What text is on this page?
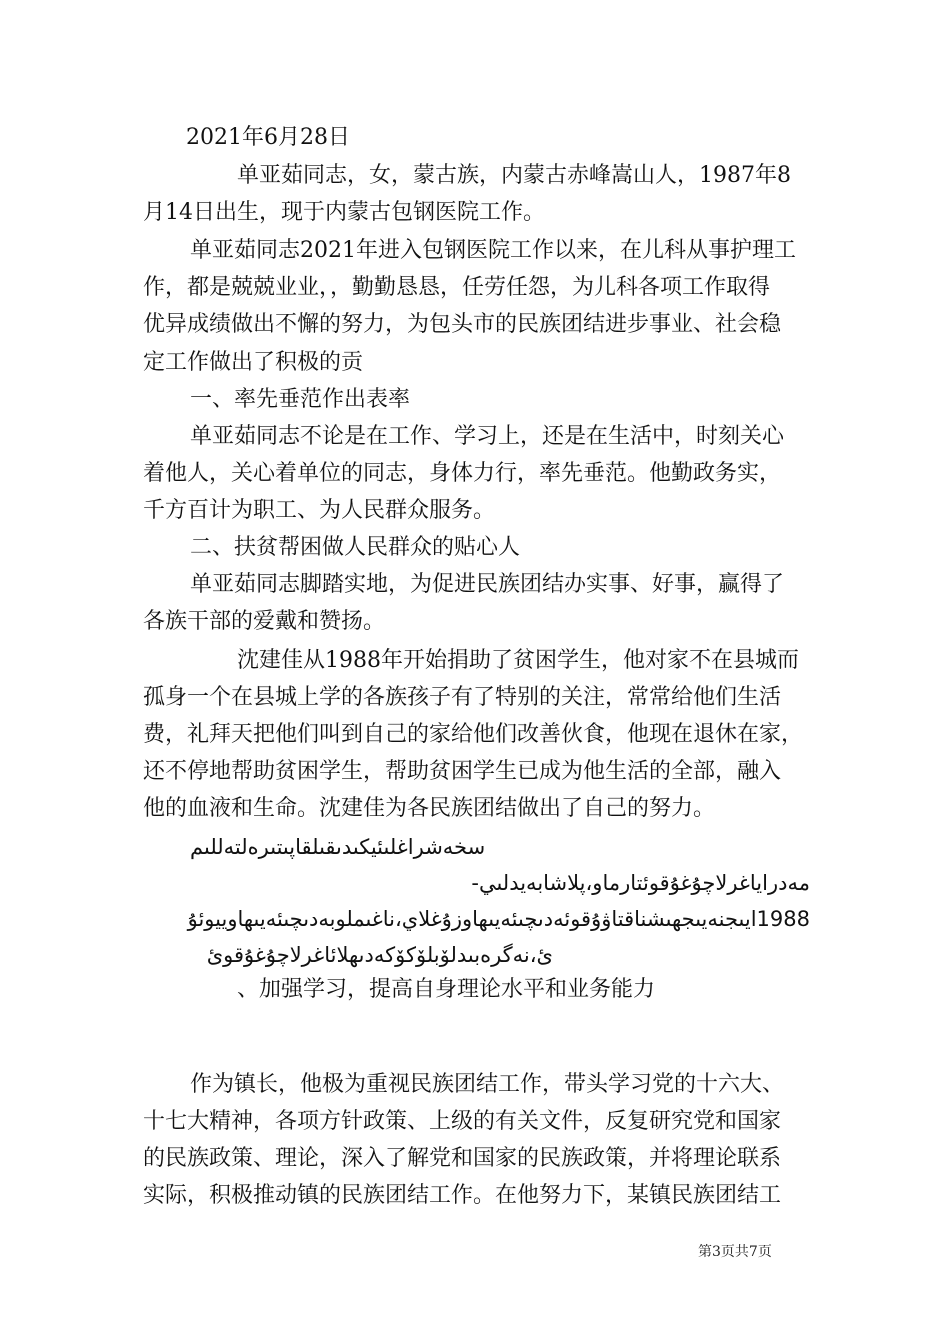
2021年6月28日
单亚茹同志，女，蒙古族，内蒙古赤峰嵩山人，1987年8
月14日出生，现于内蒙古包钢医院工作。
单亚茹同志2021年进入包钢医院工作以来，在儿科从事护理工
作，都是兢兢业业，，勤勤恳恳，任劳任怨，为儿科各项工作取得
优异成绩做出不懈的努力，为包头市的民族团结进步事业、社会稳
定工作做出了积极的贡
一、率先垂范作出表率
单亚茹同志不论是在工作、学习上，还是在生活中，时刻关心
着他人，关心着单位的同志，身体力行，率先垂范。他勤政务实，
千方百计为职工、为人民群众服务。
二、扶贫帮困做人民群众的贴心人
单亚茹同志脚踏实地，为促进民族团结办实事、好事，赢得了
各族干部的爱戴和赞扬。
沈建佳从1988年开始捐助了贫困学生，他对家不在县城而
孤身一个在县城上学的各族孩子有了特别的关注，常常给他们生活
费，礼拜天把他们叫到自己的家给他们改善伙食，他现在退休在家，
还不停地帮助贫困学生，帮助贫困学生已成为他生活的全部，融入
他的血液和生命。沈建佳为各民族团结做出了自己的努力。
سخەشراغلىئيكىدىقىلقاپىتىرەلتەللىم
مەدراياغرلاچۇغۇقوئتارماو،پلاشابەيدلىي-
1988ايىجنەيىجھىشناقتاۋۇقوئەدىچىئەيىھاوزۇغلاي،ناغىملوبەدىچىئەيىھاوييوئۇ
ئ،نەگرەبىدلۆبلۆكۆكەدىھلائاغرلاچۇغۇقوئ
、加强学习，提高自身理论水平和业务能力
作为镇长，他极为重视民族团结工作，带头学习党的十六大、
十七大精神，各项方针政策、上级的有关文件，反复研究党和国家
的民族政策、理论，深入了解党和国家的民族政策，并将理论联系
实际，积极推动镇的民族团结工作。在他努力下，某镇民族团结工
第3页共7页
